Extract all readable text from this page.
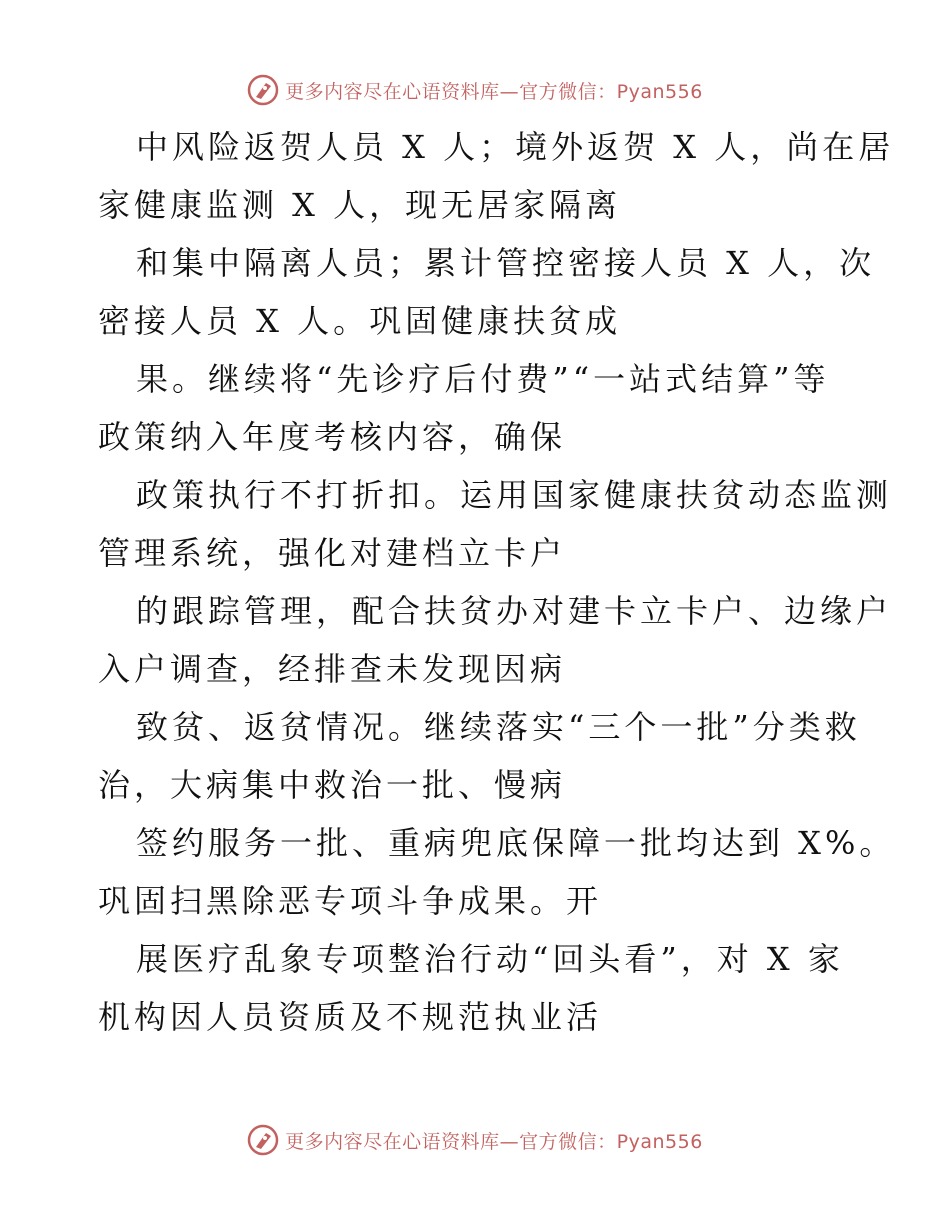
更多内容尽在心语资料库—官方微信：Pyan556
中风险返贺人员 X 人；境外返贺 X 人，尚在居
家健康监测 X 人，现无居家隔离
和集中隔离人员；累计管控密接人员 X 人，次
密接人员 X 人。巩固健康扶贫成
果。继续将“先诊疗后付费”“一站式结算”等
政策纳入年度考核内容，确保
政策执行不打折扣。运用国家健康扶贫动态监测
管理系统，强化对建档立卡户
的跟踪管理，配合扶贫办对建卡立卡户、边缘户
入户调查，经排查未发现因病
致贫、返贫情况。继续落实“三个一批”分类救
治，大病集中救治一批、慢病
签约服务一批、重病兜底保障一批均达到 X%。
巩固扫黑除恶专项斗争成果。开
展医疗乱象专项整治行动“回头看”，对 X 家
机构因人员资质及不规范执业活
更多内容尽在心语资料库—官方微信：Pyan556
